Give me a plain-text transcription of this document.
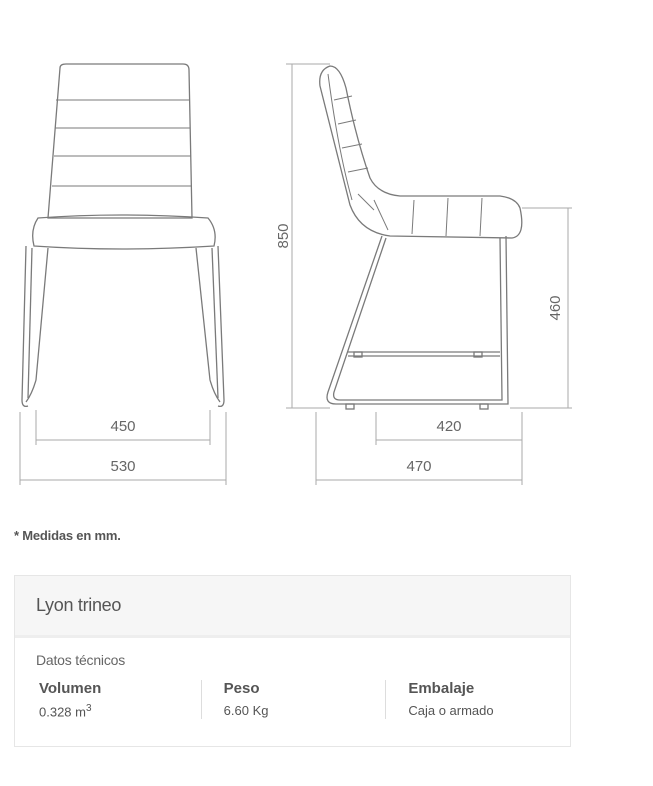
450
530
850
460
420
470
* Medidas en mm.
Lyon trineo
Datos técnicos
Volumen
0.328 $m^3$
Peso
6.60 Kg
Embalaje
Caja o armado
